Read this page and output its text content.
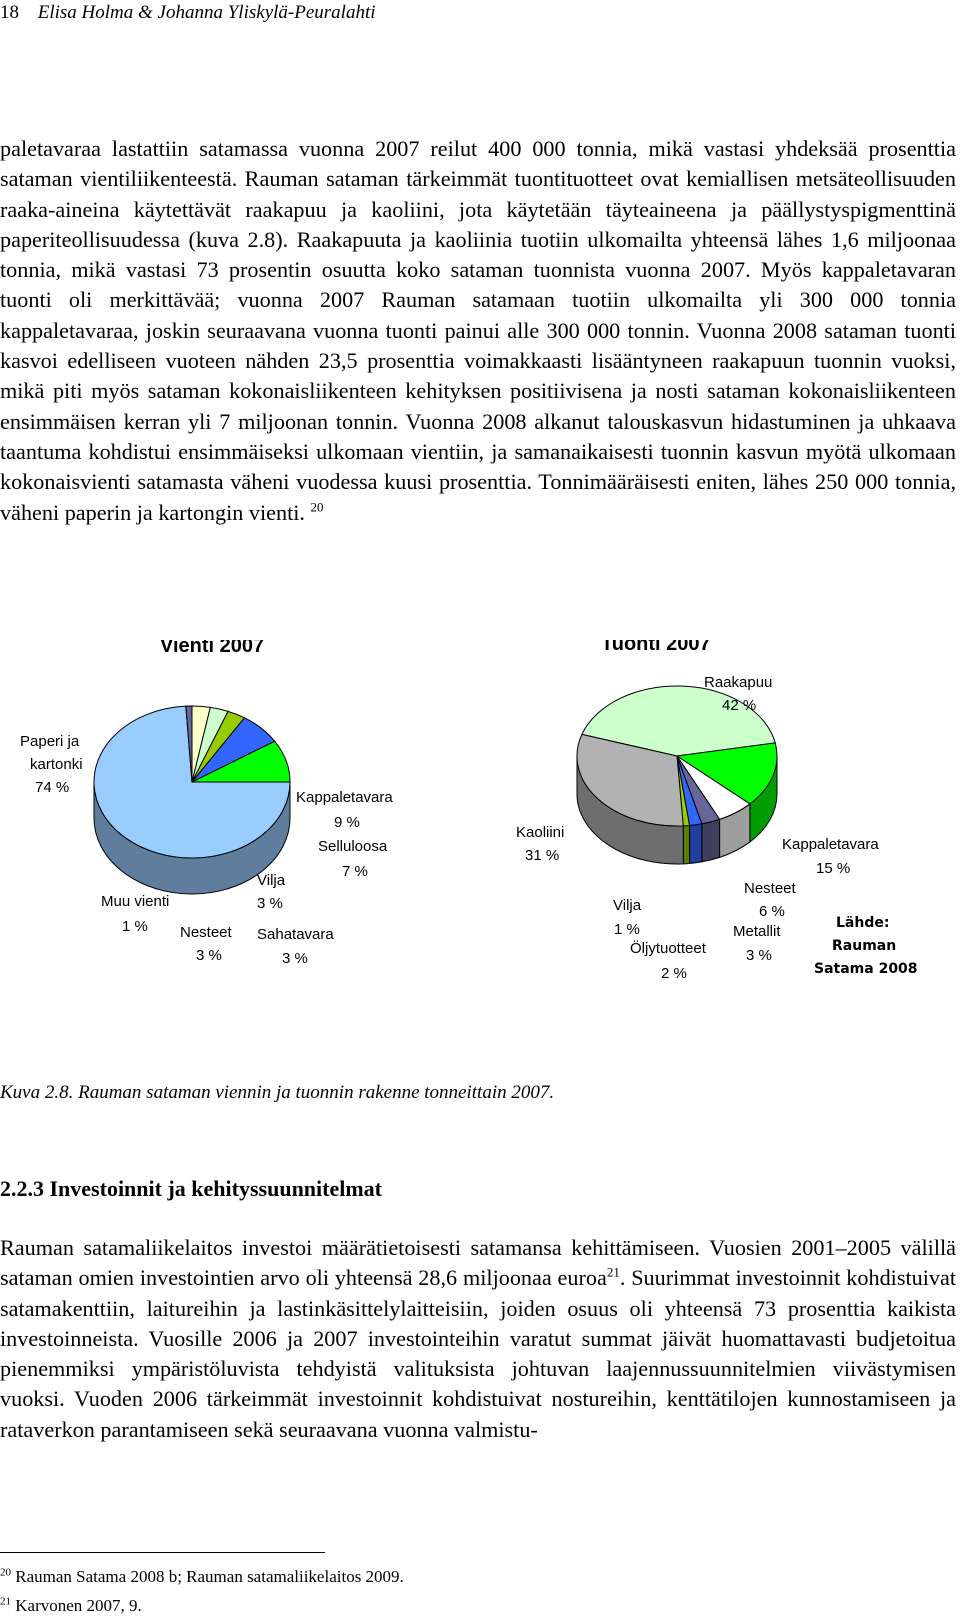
18 Elisa Holma & Johanna Yliskylä-Peuralahti

paletavaraa lastattiin satamassa vuonna 2007 reilut 400 000 tonnia, mikä vastasi yhdeksää prosenttia sataman vientiliikenteestä. Rauman sataman tärkeimmät tuontituotteet ovat kemiallisen metsäteollisuuden raaka-aineina käytettävät raakapuu ja kaoliini, jota käytetään täyteaineena ja päällystyspigmenttinä paperiteollisuudessa (kuva 2.8). Raakapuuta ja kaoliinia tuotiin ulkomailta yhteensä lähes 1,6 miljoonaa tonnia, mikä vastasi 73 prosentin osuutta koko sataman tuonnista vuonna 2007. Myös kappaletavaran tuonti oli merkittävää; vuonna 2007 Rauman satamaan tuotiin ulkomailta yli 300 000 tonnia kappaletavaraa, joskin seuraavana vuonna tuonti painui alle 300 000 tonnin. Vuonna 2008 sataman tuonti kasvoi edelliseen vuoteen nähden 23,5 prosenttia voimakkaasti lisääntyneen raakapuun tuonnin vuoksi, mikä piti myös sataman kokonaisliikenteen kehityksen positiivisena ja nosti sataman kokonaisliikenteen ensimmäisen kerran yli 7 miljoonan tonnin. Vuonna 2008 alkanut talouskasvun hidastuminen ja uhkaava taantuma kohdistui ensimmäiseksi ulkomaan vientiin, ja samanaikaisesti tuonnin kasvun myötä ulkomaan kokonaisvienti satamasta väheni vuodessa kuusi prosenttia. Tonnimääräisesti eniten, lähes 250 000 tonnia, väheni paperin ja kartongin vienti. $^{20}$

Vienti 2007
Paperi ja
kartonki
74 %
Muu vienti
1 % Nesteet
3 %
Sahatavara
3 %
Vilja
3 %
Selluloosa
7 %
Kappaletavara
9 %
Tuonti 2007
Raakapuu
42 %
Kaoliini
31 %
Kappaletavara
15 %
Nesteet
6 %
Metallit
3 %
Öljytuotteet
2 %
Vilja
1 %	Lähde:
Rauman
Satama 2008
Kuva 2.8. Rauman sataman viennin ja tuonnin rakenne tonneittain 2007.
2.2.3 Investoinnit ja kehityssuunnitelmat

Rauman satamaliikelaitos investoi määrätietoisesti satamansa kehittämiseen. Vuosien 2001–2005 välillä sataman omien investointien arvo oli yhteensä 28,6 miljoonaa euroa$^{21}$. Suurimmat investoinnit kohdistuivat satamakenttiin, laitureihin ja lastinkäsittelylaitteisiin, joiden osuus oli yhteensä 73 prosenttia kaikista investoinneista. Vuosille 2006 ja 2007 investointeihin varatut summat jäivät huomattavasti budjetoitua pienemmiksi ympäristöluvista tehdyistä valituksista johtuvan laajennussuunnitelmien viivästymisen vuoksi. Vuoden 2006 tärkeimmät investoinnit kohdistuivat nostureihin, kenttätilojen kunnostamiseen ja rataverkon parantamiseen sekä seuraavana vuonna valmistu-

$^{20}$ Rauman Satama 2008 b; Rauman satamaliikelaitos 2009.
$^{21}$ Karvonen 2007, 9.
